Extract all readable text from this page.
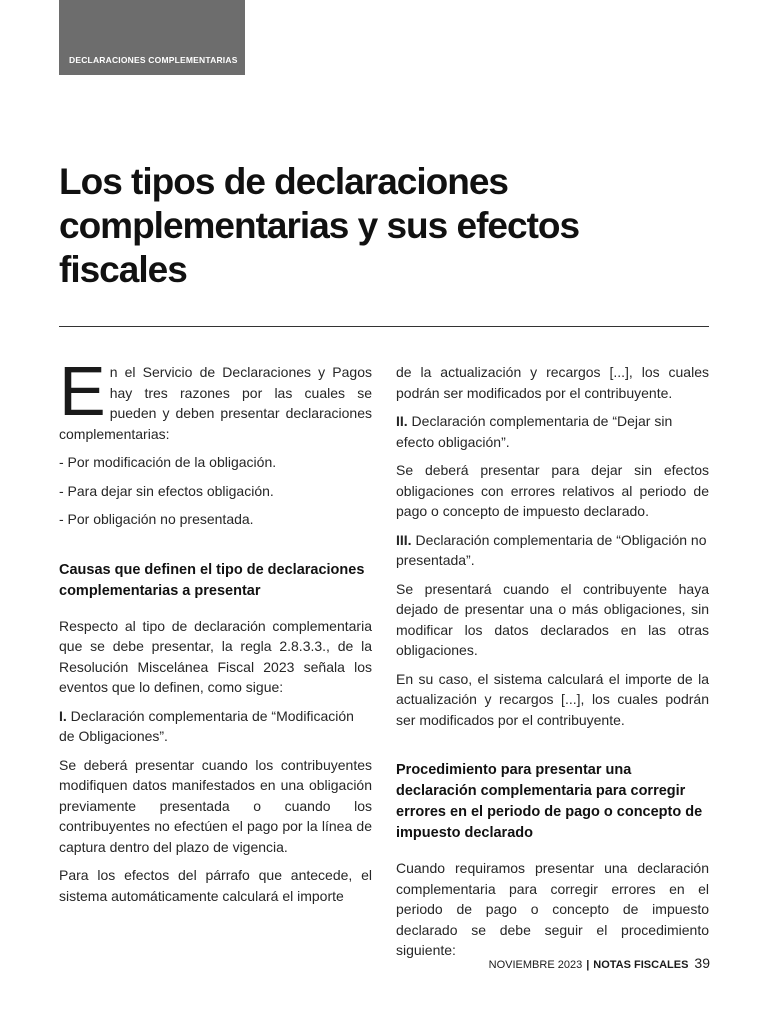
DECLARACIONES COMPLEMENTARIAS
Los tipos de declaraciones complementarias y sus efectos fiscales

En el Servicio de Declaraciones y Pagos hay tres razones por las cuales se pueden y deben presentar declaraciones complementarias:

- Por modificación de la obligación.

- Para dejar sin efectos obligación.

- Por obligación no presentada.

Causas que definen el tipo de declaraciones complementarias a presentar

Respecto al tipo de declaración complementaria que se debe presentar, la regla 2.8.3.3., de la Resolución Miscelánea Fiscal 2023 señala los eventos que lo definen, como sigue:

I. Declaración complementaria de “Modificación de Obligaciones”.

Se deberá presentar cuando los contribuyentes modifiquen datos manifestados en una obligación previamente presentada o cuando los contribuyentes no efectúen el pago por la línea de captura dentro del plazo de vigencia.

Para los efectos del párrafo que antecede, el sistema automáticamente calculará el importe

de la actualización y recargos [...], los cuales podrán ser modificados por el contribuyente.

II. Declaración complementaria de “Dejar sin efecto obligación”.

Se deberá presentar para dejar sin efectos obligaciones con errores relativos al periodo de pago o concepto de impuesto declarado.

III. Declaración complementaria de “Obligación no presentada”.

Se presentará cuando el contribuyente haya dejado de presentar una o más obligaciones, sin modificar los datos declarados en las otras obligaciones.

En su caso, el sistema calculará el importe de la actualización y recargos [...], los cuales podrán ser modificados por el contribuyente.

Procedimiento para presentar una declaración complementaria para corregir errores en el periodo de pago o concepto de impuesto declarado

Cuando requiramos presentar una declaración complementaria para corregir errores en el periodo de pago o concepto de impuesto declarado se debe seguir el procedimiento siguiente:

NOVIEMBRE 2023 | NOTAS FISCALES 39
